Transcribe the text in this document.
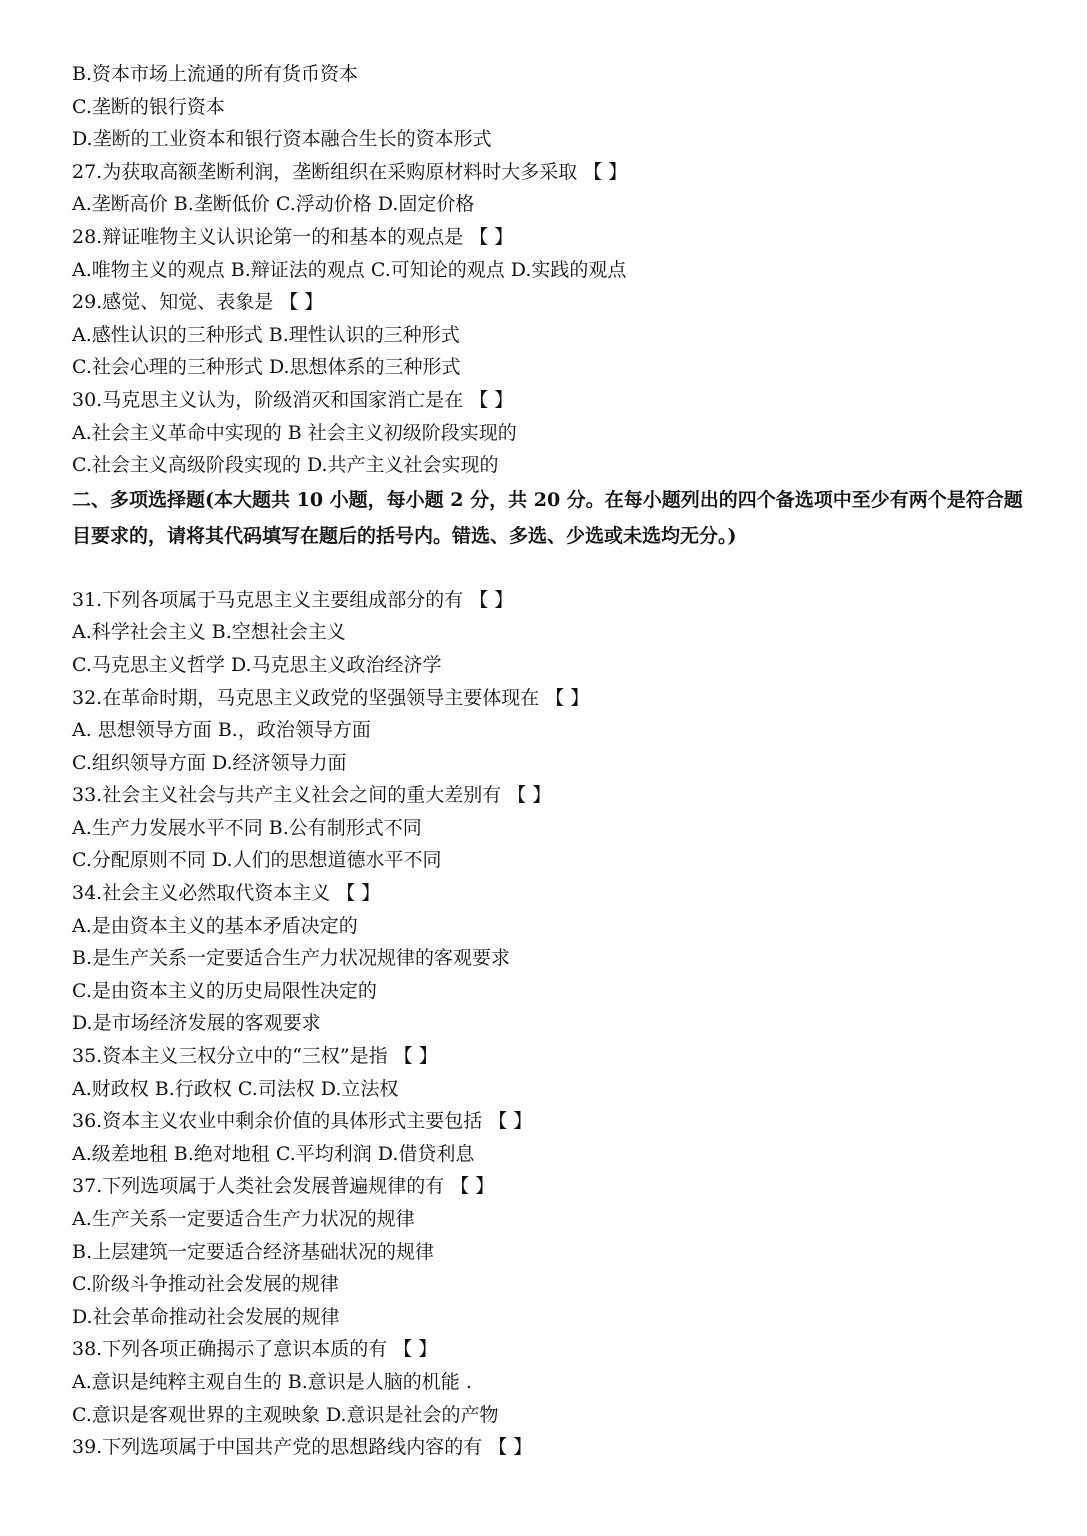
B.资本市场上流通的所有货币资本
C.垄断的银行资本
D.垄断的工业资本和银行资本融合生长的资本形式
27.为获取高额垄断利润，垄断组织在采购原材料时大多采取 【 】
A.垄断高价 B.垄断低价 C.浮动价格 D.固定价格
28.辩证唯物主义认识论第一的和基本的观点是 【 】
A.唯物主义的观点 B.辩证法的观点 C.可知论的观点 D.实践的观点
29.感觉、知觉、表象是 【 】
A.感性认识的三种形式 B.理性认识的三种形式
C.社会心理的三种形式 D.思想体系的三种形式
30.马克思主义认为，阶级消灭和国家消亡是在 【 】
A.社会主义革命中实现的 B 社会主义初级阶段实现的
C.社会主义高级阶段实现的 D.共产主义社会实现的
二、多项选择题(本大题共 10 小题，每小题 2 分，共 20 分。在每小题列出的四个备选项中至少有两个是符合题目要求的，请将其代码填写在题后的括号内。错选、多选、少选或未选均无分。)
31.下列各项属于马克思主义主要组成部分的有 【 】
A.科学社会主义 B.空想社会主义
C.马克思主义哲学 D.马克思主义政治经济学
32.在革命时期，马克思主义政党的坚强领导主要体现在 【 】
A. 思想领导方面 B.，政治领导方面
C.组织领导方面 D.经济领导力面
33.社会主义社会与共产主义社会之间的重大差别有 【 】
A.生产力发展水平不同 B.公有制形式不同
C.分配原则不同 D.人们的思想道德水平不同
34.社会主义必然取代资本主义 【 】
A.是由资本主义的基本矛盾决定的
B.是生产关系一定要适合生产力状况规律的客观要求
C.是由资本主义的历史局限性决定的
D.是市场经济发展的客观要求
35.资本主义三权分立中的“三权”是指 【 】
A.财政权 B.行政权 C.司法权 D.立法权
36.资本主义农业中剩余价值的具体形式主要包括 【 】
A.级差地租 B.绝对地租 C.平均利润 D.借贷利息
37.下列选项属于人类社会发展普遍规律的有 【 】
A.生产关系一定要适合生产力状况的规律
B.上层建筑一定要适合经济基础状况的规律
C.阶级斗争推动社会发展的规律
D.社会革命推动社会发展的规律
38.下列各项正确揭示了意识本质的有 【 】
A.意识是纯粹主观自生的 B.意识是人脑的机能 .
C.意识是客观世界的主观映象 D.意识是社会的产物
39.下列选项属于中国共产党的思想路线内容的有 【 】
